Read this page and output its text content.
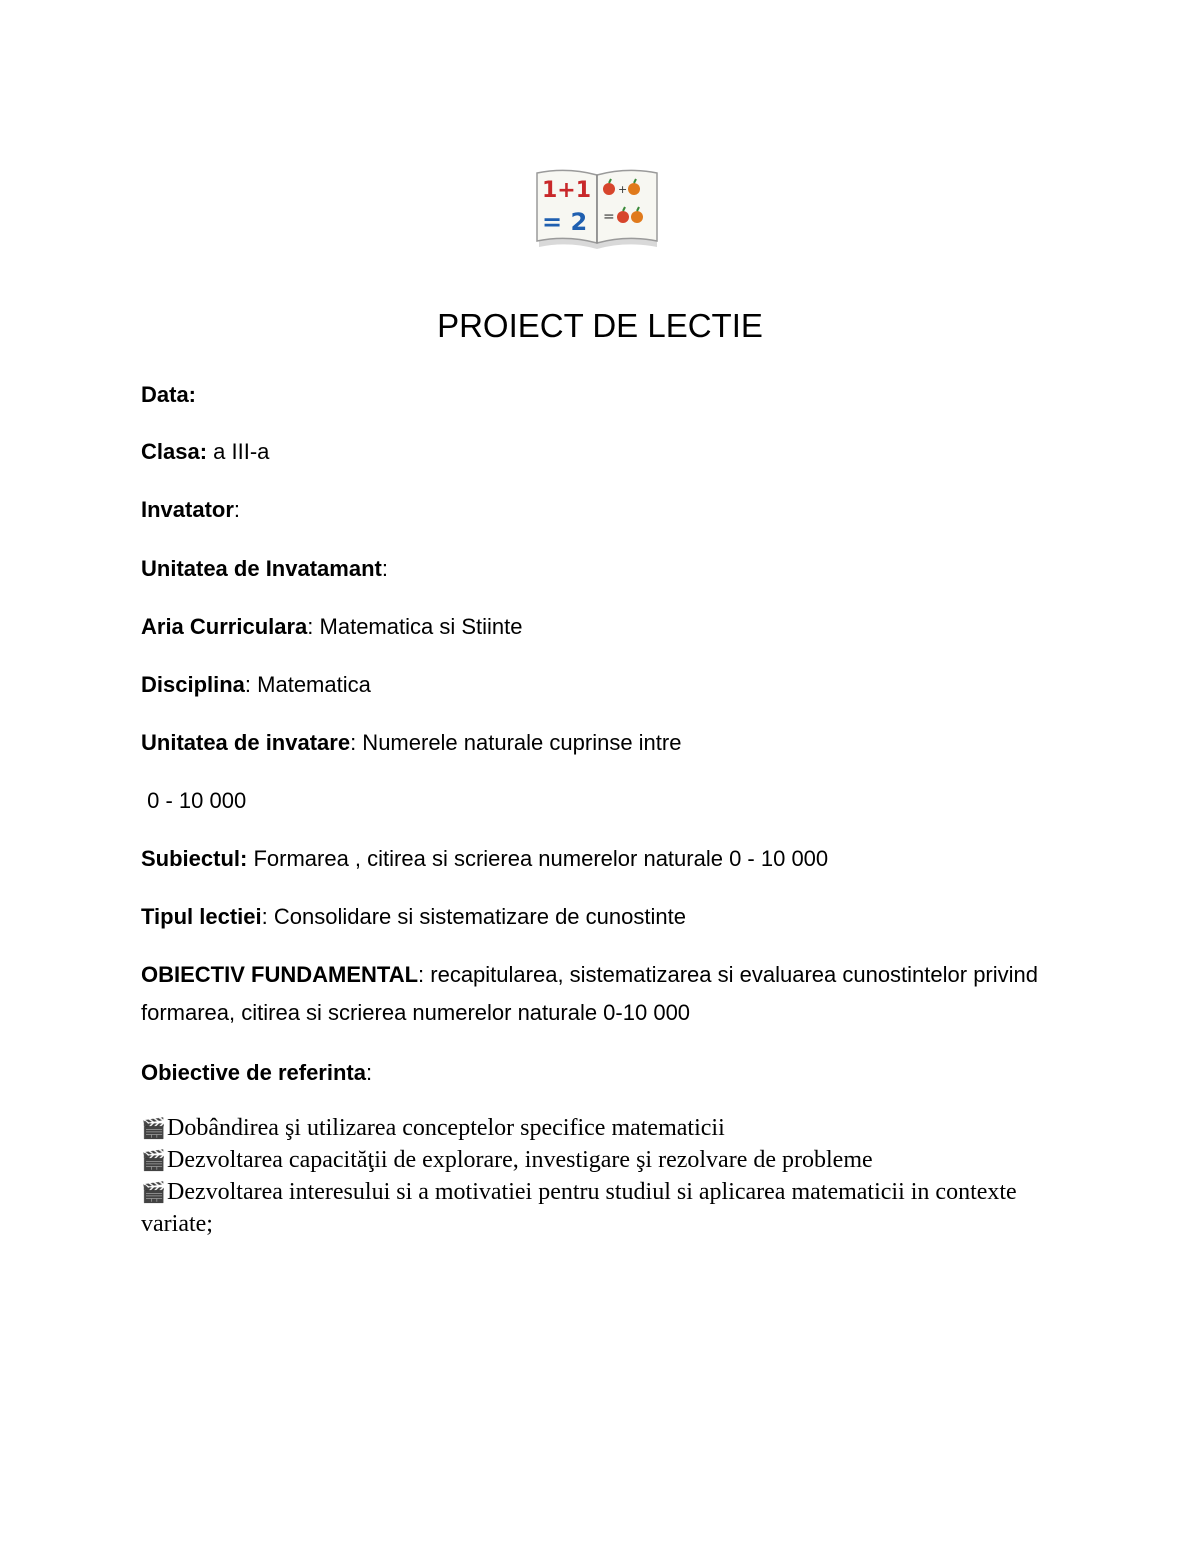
1+1
= 2
+
=
PROIECT DE LECTIE
Data:
Clasa: a III-a
Invatator:
Unitatea de Invatamant:
Aria Curriculara: Matematica si Stiinte
Disciplina: Matematica
Unitatea de invatare: Numerele naturale cuprinse intre
0 - 10 000
Subiectul: Formarea , citirea si scrierea numerelor naturale 0 - 10 000
Tipul lectiei: Consolidare si sistematizare de cunostinte
OBIECTIV FUNDAMENTAL: recapitularea, sistematizarea si evaluarea cunostintelor privind formarea, citirea si scrierea numerelor naturale 0-10 000
Obiective de referinta:
🎬Dobândirea şi utilizarea conceptelor specifice matematicii
🎬Dezvoltarea capacităţii de explorare, investigare şi rezolvare de probleme
🎬Dezvoltarea interesului si a motivatiei pentru studiul si aplicarea matematicii in contexte variate;
